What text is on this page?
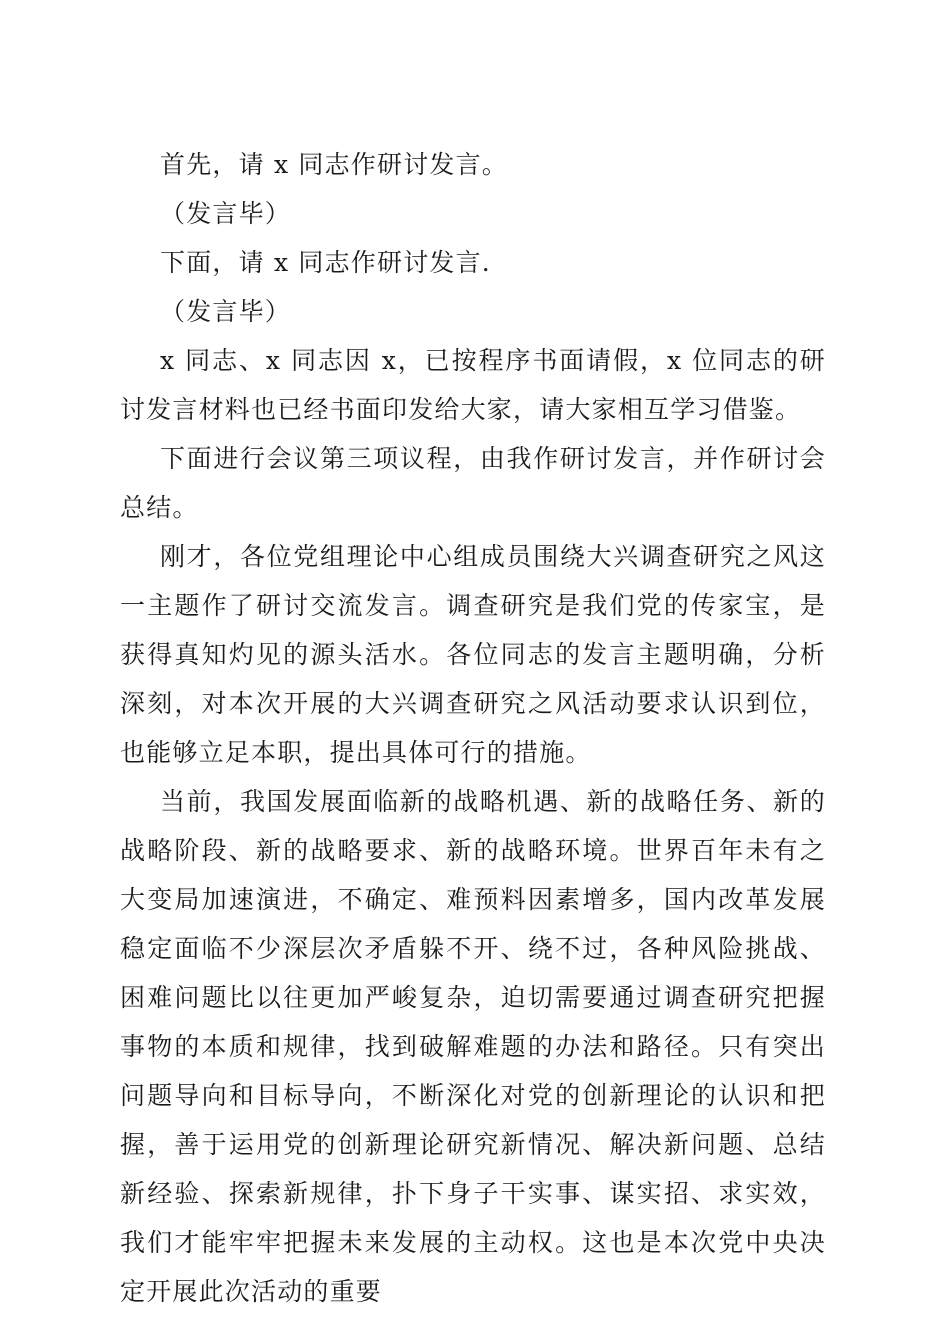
首先，请 x 同志作研讨发言。

（发言毕）

下面，请 x 同志作研讨发言.

（发言毕）

x 同志、x 同志因 x，已按程序书面请假，x 位同志的研讨发言材料也已经书面印发给大家，请大家相互学习借鉴。

下面进行会议第三项议程，由我作研讨发言，并作研讨会总结。

刚才，各位党组理论中心组成员围绕大兴调查研究之风这一主题作了研讨交流发言。调查研究是我们党的传家宝，是获得真知灼见的源头活水。各位同志的发言主题明确，分析深刻，对本次开展的大兴调查研究之风活动要求认识到位，也能够立足本职，提出具体可行的措施。

当前，我国发展面临新的战略机遇、新的战略任务、新的战略阶段、新的战略要求、新的战略环境。世界百年未有之大变局加速演进，不确定、难预料因素增多，国内改革发展稳定面临不少深层次矛盾躲不开、绕不过，各种风险挑战、困难问题比以往更加严峻复杂，迫切需要通过调查研究把握事物的本质和规律，找到破解难题的办法和路径。只有突出问题导向和目标导向，不断深化对党的创新理论的认识和把握，善于运用党的创新理论研究新情况、解决新问题、总结新经验、探索新规律，扑下身子干实事、谋实招、求实效，我们才能牢牢把握未来发展的主动权。这也是本次党中央决定开展此次活动的重要
